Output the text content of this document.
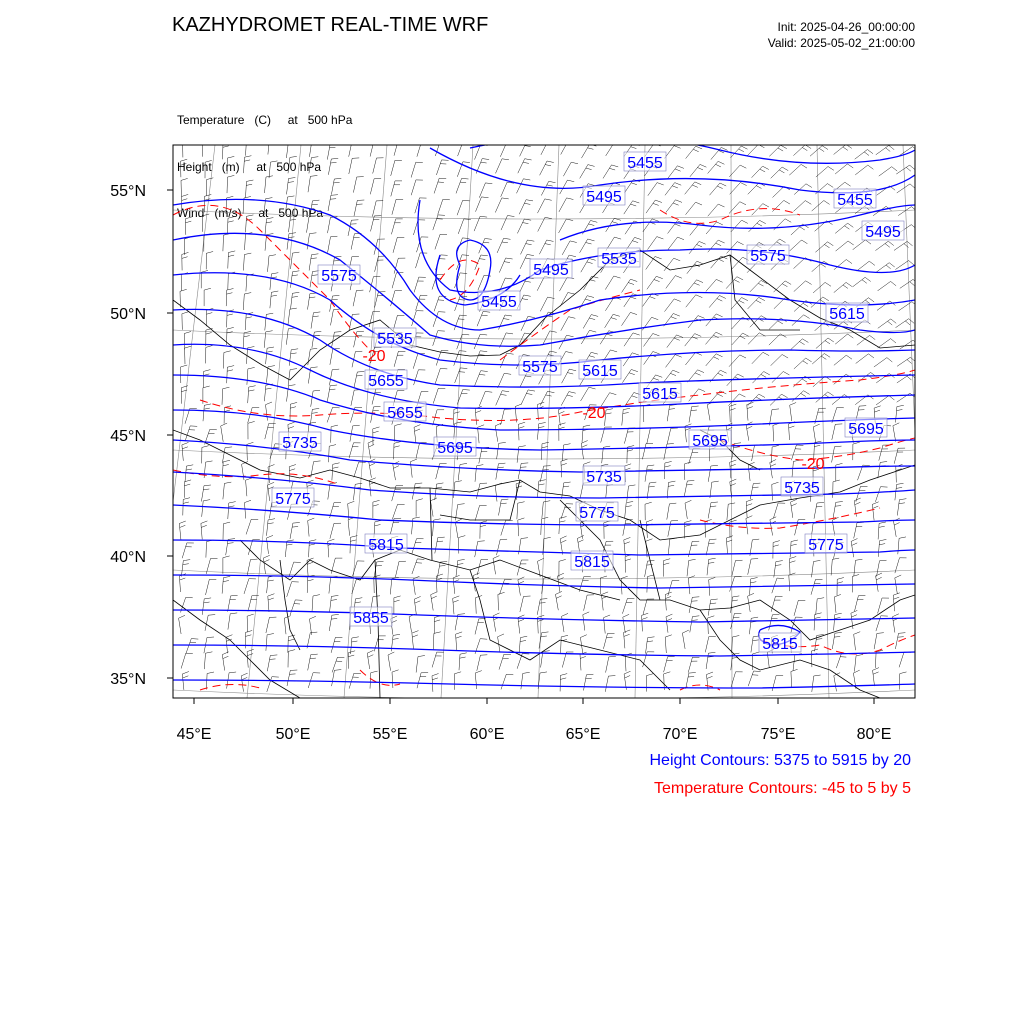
KAZHYDROMET REAL-TIME WRF	Init: 2025-04-26_00:00:00
Valid: 2025-05-02_21:00:00

Temperature   (C)     at   500 hPa

Height   (m)     at   500 hPa

Wind   (m/s)     at   500 hPa

45°E	50°E	55°E	60°E	65°E	70°E	75°E	80°E
55°N
50°N
45°N
40°N
35°N
5455
5495	5455
5495
5575	5495
5535	5575
5455
5615
5535
5575 5615
5655
5615
5655
5735	5695	5695
5695
5735
5735
5775
5775
5815
5815
5775
5855
5815
-20
-20
-20
Height Contours: 5375 to 5915 by 20
Temperature Contours: -45 to 5 by 5
